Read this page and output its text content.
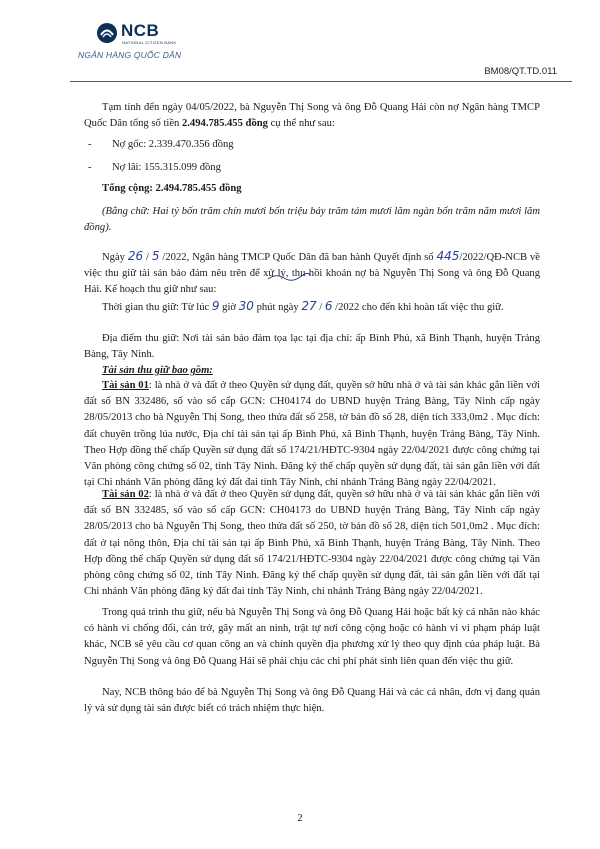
NCB
NATIONAL CITIZEN BANK
NGÂN HÀNG QUỐC DÂN
BM08/QT.TD.011

Tạm tính đến ngày 04/05/2022, bà Nguyễn Thị Song và ông Đỗ Quang Hải còn nợ Ngân hàng TMCP Quốc Dân tổng số tiền 2.494.785.455 đồng cụ thể như sau:

- Nợ gốc: 2.339.470.356 đồng
- Nợ lãi: 155.315.099 đồng
Tổng cộng: 2.494.785.455 đồng

(Bằng chữ: Hai tỷ bốn trăm chín mươi bốn triệu bảy trăm tám mươi lăm ngàn bốn trăm năm mươi lăm đồng).

Ngày 26 / 5 /2022, Ngân hàng TMCP Quốc Dân đã ban hành Quyết định số 445/2022/QĐ-NCB về việc thu giữ tài sản bảo đảm nêu trên để xử lý, thu hồi khoản nợ bà Nguyễn Thị Song và ông Đỗ Quang Hải. Kế hoạch thu giữ như sau:

Thời gian thu giữ: Từ lúc 9 giờ 30 phút ngày 27 / 6 /2022 cho đến khi hoàn tất việc thu giữ.

Địa điểm thu giữ: Nơi tài sản bảo đảm tọa lạc tại địa chỉ: ấp Bình Phú, xã Bình Thạnh, huyện Trảng Bàng, Tây Ninh.

Tài sản thu giữ bao gồm:

Tài sản 01: là nhà ở và đất ở theo Quyền sử dụng đất, quyền sở hữu nhà ở và tài sản khác gắn liền với đất số BN 332486, số vào sổ cấp GCN: CH04174 do UBND huyện Trảng Bàng, Tây Ninh cấp ngày 28/05/2013 cho bà Nguyễn Thị Song, theo thửa đất số 258, tờ bản đồ số 28, diện tích 333,0m2 . Mục đích: đất chuyên trồng lúa nước, Địa chỉ tài sản tại ấp Bình Phú, xã Bình Thạnh, huyện Trảng Bàng, Tây Ninh. Theo Hợp đồng thế chấp Quyền sử dụng đất số 174/21/HĐTC-9304 ngày 22/04/2021 được công chứng tại Văn phòng công chứng số 02, tỉnh Tây Ninh. Đăng ký thế chấp quyền sử dụng đất, tài sản gắn liền với đất tại Chi nhánh Văn phòng đăng ký đất đai tỉnh Tây Ninh, chi nhánh Trảng Bàng ngày 22/04/2021.

Tài sản 02: là nhà ở và đất ở theo Quyền sử dụng đất, quyền sở hữu nhà ở và tài sản khác gắn liền với đất số BN 332485, số vào sổ cấp GCN: CH04173 do UBND huyện Trảng Bàng, Tây Ninh cấp ngày 28/05/2013 cho bà Nguyễn Thị Song, theo thửa đất số 250, tờ bản đồ số 28, diện tích 501,0m2 . Mục đích: đất ở tại nông thôn, Địa chỉ tài sản tại ấp Bình Phú, xã Bình Thạnh, huyện Trảng Bàng, Tây Ninh. Theo Hợp đồng thế chấp Quyền sử dụng đất số 174/21/HĐTC-9304 ngày 22/04/2021 được công chứng tại Văn phòng công chứng số 02, tỉnh Tây Ninh. Đăng ký thế chấp quyền sử dụng đất, tài sản gắn liền với đất tại Chi nhánh Văn phòng đăng ký đất đai tỉnh Tây Ninh, chi nhánh Trảng Bàng ngày 22/04/2021.

Trong quá trình thu giữ, nếu bà Nguyễn Thị Song và ông Đỗ Quang Hải hoặc bất kỳ cá nhân nào khác có hành vi chống đối, cản trở, gây mất an ninh, trật tự nơi công cộng hoặc có hành vi vi phạm pháp luật khác, NCB sẽ yêu cầu cơ quan công an và chính quyền địa phương xử lý theo quy định của pháp luật. Bà Nguyễn Thị Song và ông Đỗ Quang Hải sẽ phải chịu các chi phí phát sinh liên quan đến việc thu giữ.

Nay, NCB thông báo để bà Nguyễn Thị Song và ông Đỗ Quang Hải và các cá nhân, đơn vị đang quản lý và sử dụng tài sản được biết có trách nhiệm thực hiện.

2
